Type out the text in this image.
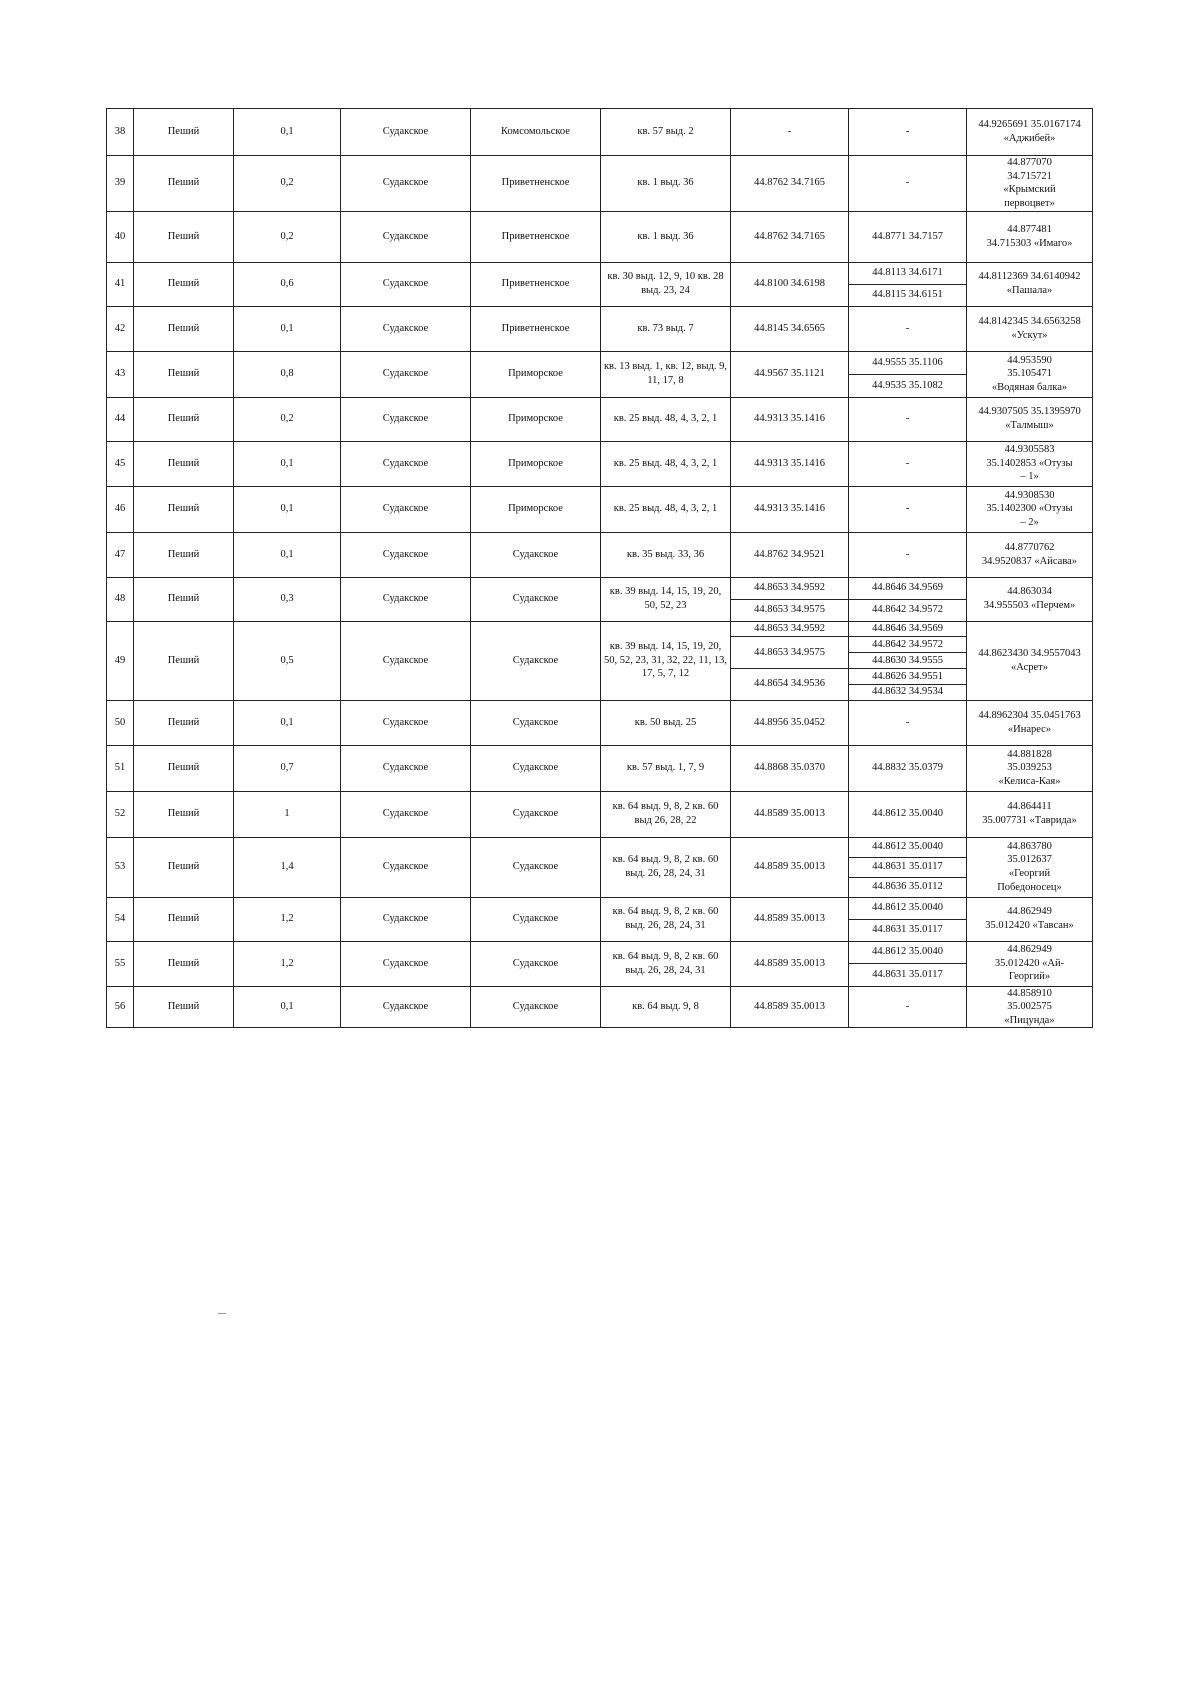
38	Пеший	0,1	Судакское	Комсомольское	кв. 57 выд. 2	-	-	44.9265691 35.0167174
«Аджибей»

39	Пеший	0,2	Судакское	Приветненское	кв. 1 выд. 36	44.8762 34.7165	-	44.877070
34.715721
«Крымский
первоцвет»

40	Пеший	0,2	Судакское	Приветненское	кв. 1 выд. 36	44.8762 34.7165	44.8771 34.7157	44.877481
34.715303 «Имаго»

41	Пеший	0,6	Судакское	Приветненское	кв. 30 выд. 12, 9, 10 кв. 28 выд. 23, 24	44.8100 34.6198	44.8113 34.6171	44.8112369 34.6140942
«Пашала»

							44.8115 34.6151	
42	Пеший	0,1	Судакское	Приветненское	кв. 73 выд. 7	44.8145 34.6565	-	44.8142345 34.6563258
«Ускут»

43	Пеший	0,8	Судакское	Приморское	кв. 13 выд. 1, кв. 12, выд. 9, 11, 17, 8	44.9567 35.1121	44.9555 35.1106	44.953590
35.105471
«Водяная балка»

							44.9535 35.1082	
44	Пеший	0,2	Судакское	Приморское	кв. 25 выд. 48, 4, 3, 2, 1	44.9313 35.1416	-	44.9307505 35.1395970
«Талмыш»

45	Пеший	0,1	Судакское	Приморское	кв. 25 выд. 48, 4, 3, 2, 1	44.9313 35.1416	-	44.9305583
35.1402853 «Отузы
– 1»

46	Пеший	0,1	Судакское	Приморское	кв. 25 выд. 48, 4, 3, 2, 1	44.9313 35.1416	-	44.9308530
35.1402300 «Отузы
– 2»

47	Пеший	0,1	Судакское	Судакское	кв. 35 выд. 33, 36	44.8762 34.9521	-	44.8770762
34.9520837 «Айсава»

48	Пеший	0,3	Судакское	Судакское	кв. 39 выд. 14, 15, 19, 20, 50, 52, 23	44.8653 34.9592	44.8646 34.9569	44.863034
34.955503 «Перчем»

						44.8653 34.9575	44.8642 34.9572	
49	Пеший	0,5	Судакское	Судакское	кв. 39 выд. 14, 15, 19, 20, 50, 52, 23, 31, 32, 22, 11, 13, 17, 5, 7, 12	44.8653 34.9592	44.8646 34.9569	44.8623430 34.9557043
«Асрет»

						44.8653 34.9575	44.8642 34.9572	
							44.8630 34.9555	
						44.8654 34.9536	44.8626 34.9551	
							44.8632 34.9534	
50	Пеший	0,1	Судакское	Судакское	кв. 50 выд. 25	44.8956 35.0452	-	44.8962304 35.0451763
«Инарес»

51	Пеший	0,7	Судакское	Судакское	кв. 57 выд. 1, 7, 9	44.8868 35.0370	44.8832 35.0379	44.881828
35.039253
«Келиса-Кая»

52	Пеший	1	Судакское	Судакское	кв. 64 выд. 9, 8, 2 кв. 60 выд 26, 28, 22	44.8589 35.0013	44.8612 35.0040	44.864411
35.007731 «Таврида»

53	Пеший	1,4	Судакское	Судакское	кв. 64 выд. 9, 8, 2 кв. 60 выд. 26, 28, 24, 31	44.8589 35.0013	44.8612 35.0040	44.863780
35.012637
«Георгий
Победоносец»

							44.8631 35.0117	
							44.8636 35.0112	
54	Пеший	1,2	Судакское	Судакское	кв. 64 выд. 9, 8, 2 кв. 60 выд. 26, 28, 24, 31	44.8589 35.0013	44.8612 35.0040	44.862949
35.012420 «Тавсан»

							44.8631 35.0117	
55	Пеший	1,2	Судакское	Судакское	кв. 64 выд. 9, 8, 2 кв. 60 выд. 26, 28, 24, 31	44.8589 35.0013	44.8612 35.0040	44.862949
35.012420 «Ай-
Георгий»

							44.8631 35.0117	
56	Пеший	0,1	Судакское	Судакское	кв. 64 выд. 9, 8	44.8589 35.0013	-	44.858910
35.002575
«Пицунда»
